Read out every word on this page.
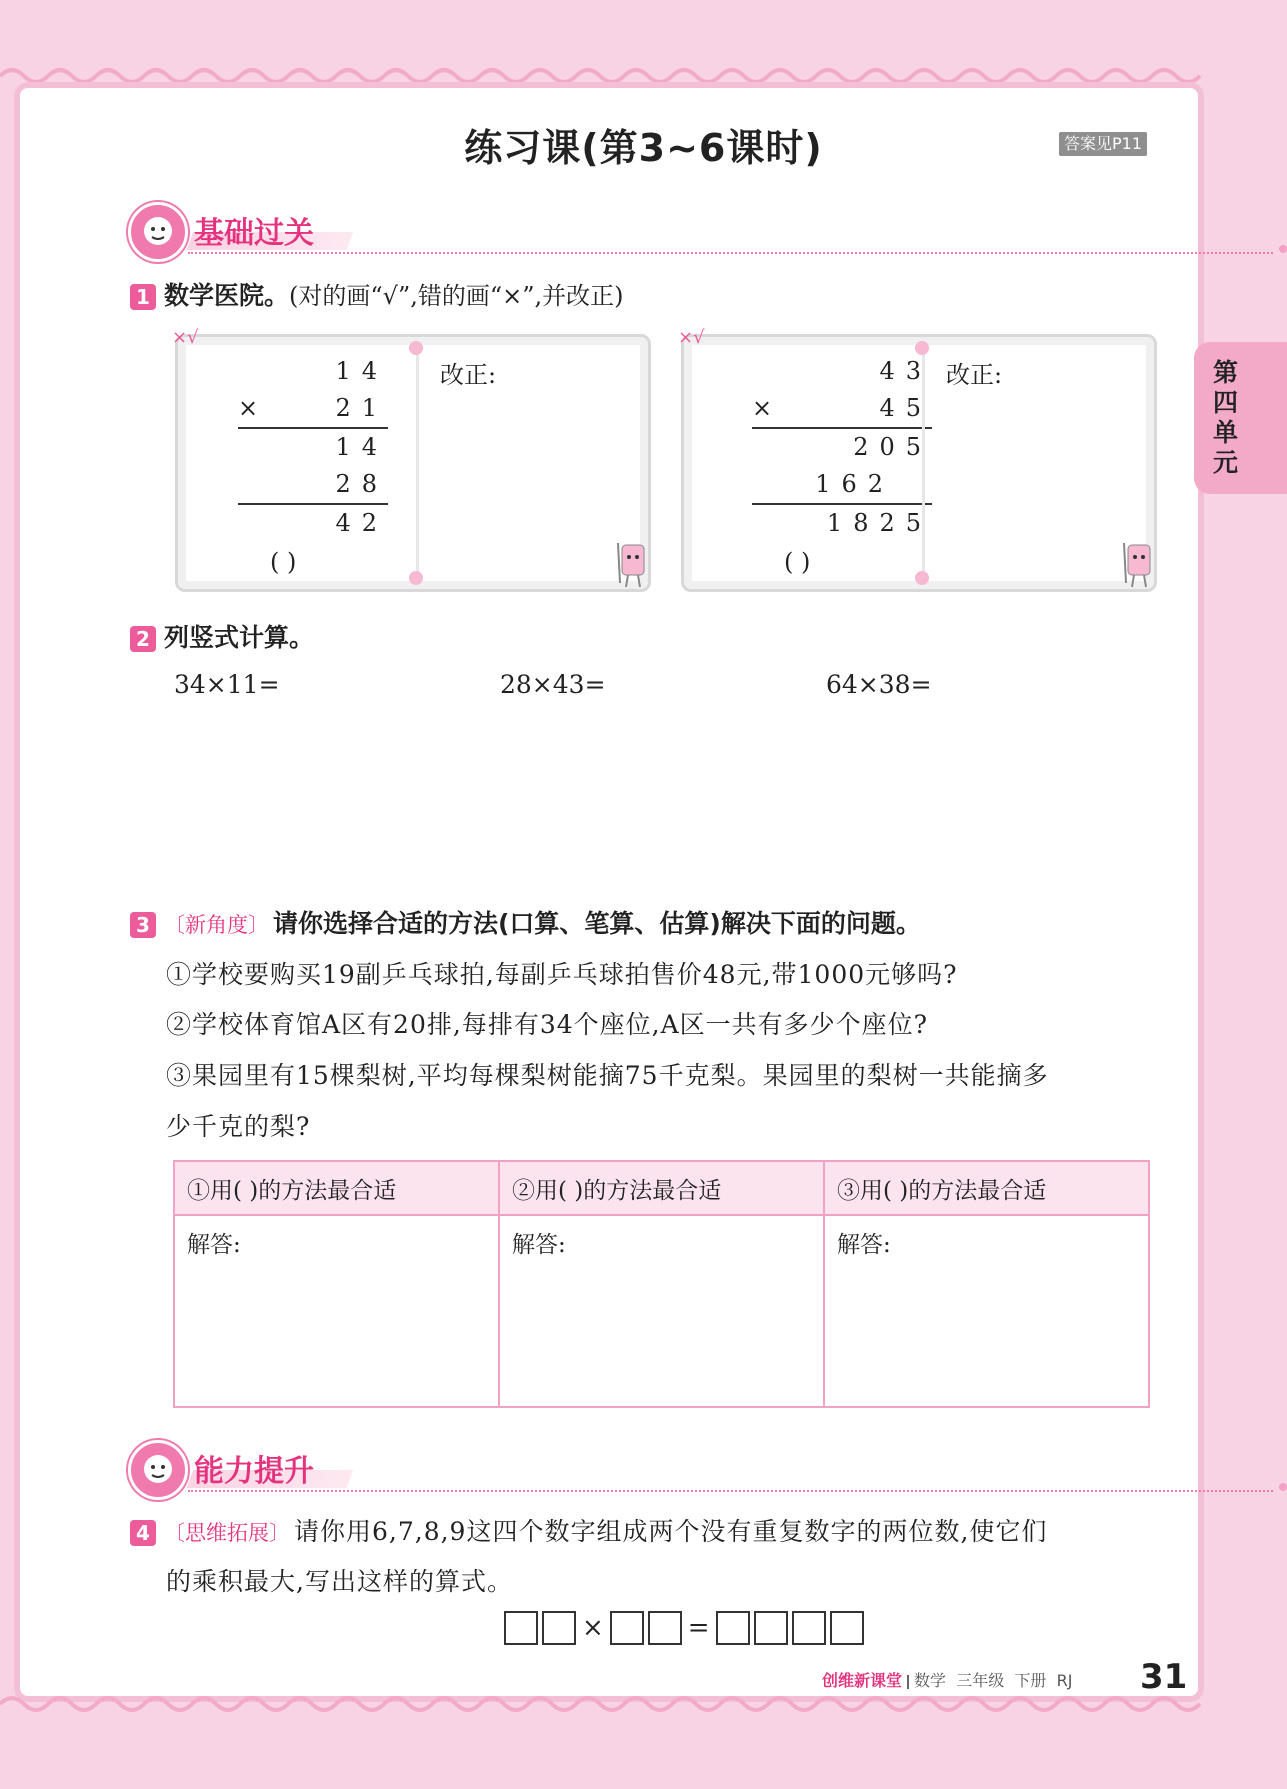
练习课(第3~6课时)	答案见P11
第
四
单
元
基础过关
1 数学医院。(对的画“√”,错的画“×”,并改正)
×√
14
×	21
14
28
42
( )
改正:
×√
43
×	45
205
162
1825
( )
改正:
2 列竖式计算。
34×11=	28×43=	64×38=
3 〔新角度〕 请你选择合适的方法(口算、笔算、估算)解决下面的问题。
①学校要购买19副乒乓球拍,每副乒乓球拍售价48元,带1000元够吗?
②学校体育馆A区有20排,每排有34个座位,A区一共有多少个座位?
③果园里有15棵梨树,平均每棵梨树能摘75千克梨。果园里的梨树一共能摘多
少千克的梨?
①用( )的方法最合适	②用( )的方法最合适	③用( )的方法最合适
解答:	解答:	解答:
能力提升
4 〔思维拓展〕 请你用6,7,8,9这四个数字组成两个没有重复数字的两位数,使它们
的乘积最大,写出这样的算式。
×	=
创维新课堂 数学 三年级 下册 RJ 31
